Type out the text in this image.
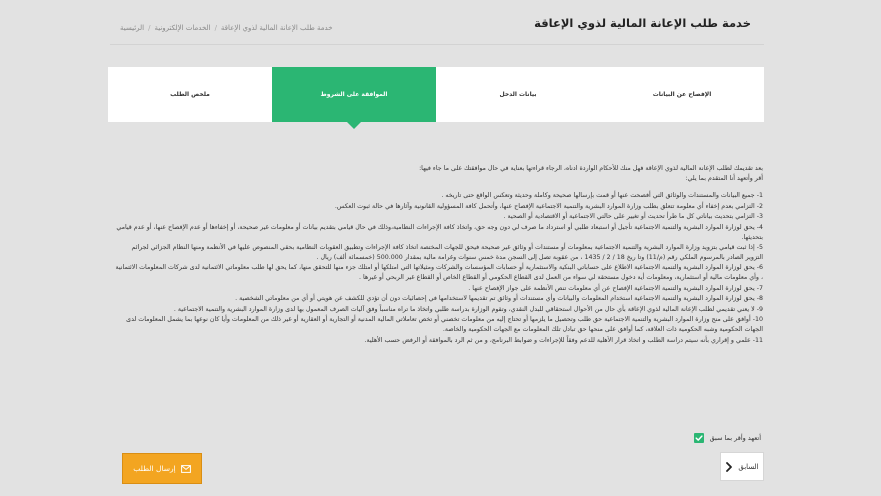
خدمة طلب الإعانة المالية لذوي الإعاقة
خدمة طلب الإعانة المالية لذوي الإعاقة/الخدمات الإلكترونية/الرئيسية
الإفصاح عن البيانات
بيانات الدخل
الموافقة على الشروط
ملخص الطلب

بعد تقديمك لطلب الإعانة المالية لذوي الإعاقة فهل منك للأحكام الواردة ادناه، الرجاء قراءتها بعناية في حال موافقتك على ما جاء فيها:

أقر وأتعهد أنا المتقدم بما يلي:

1- جميع البيانات والمستندات والوثائق التي أفصحت عنها أو قمت بإرسالها صحيحة وكاملة وحديثة وتعكس الواقع حتى تاريخه .

2- التزامي بعدم إخفاء أي معلومة تتعلق بطلب وزارة الموارد البشرية والتنمية الاجتماعية الإفصاح عنها، وأتحمل كافة المسؤولية القانونية وآثارها في حالة ثبوت العكس.

3- التزامي بتحديث بياناتي كل ما طرأ تحديث أو تغيير على حالتي الاجتماعية أو الاقتصادية أو الصحية .

4- يحق لوزارة الموارد البشرية والتنمية الاجتماعية تأجيل أو استبعاد طلبي أو استرداد ما صرف لي دون وجه حق، واتخاذ كافة الإجراءات النظامية،وذلك في حال قيامي بتقديم بيانات أو معلومات غير صحيحة، أو إخفاءها أو عدم الإفصاح عنها، أو عدم قيامي بتحديثها.

5- إذا ثبت قيامي بتزويد وزارة الموارد البشرية والتنمية الاجتماعية بمعلومات أو مستندات أو وثائق غير صحيحة فيحق للجهات المختصة اتخاذ كافة الإجراءات وتطبيق العقوبات النظامية بحقي المنصوص عليها في الأنظمة ومنها النظام الجزائي لجرائم التزوير الصادر بالمرسوم الملكي رقم (م/11) وتا ريخ 18 / 2 / 1435 ، من عقوبة تصل إلى السجن مدة خمس سنوات وغرامة مالية بمقدار 500.000 (خمسمائة ألف) ريال .

6- يحق لوزارة الموارد البشرية والتنمية الاجتماعية الاطلاع على حساباتي البنكية والاستثمارية أو حسابات المؤسسات والشركات ومثيلاتها التي امتلكها أو امتلك جزء منها للتحقق منها، كما يحق لها طلب معلوماتي الائتمانية لدى شركات المعلومات الائتمانية ، وأي معلومات مالية أو استثمارية، ومعلومات أية دخول مستحقة لي سواء من العمل لدى القطاع الحكومي أو القطاع الخاص أو القطاع غير الربحي أو غيرها .

7- يحق لوزارة الموارد البشرية والتنمية الاجتماعية الإفصاح عن أي معلومات تنص الأنظمة على جواز الإفصاح عنها .

8- يحق لوزارة الموارد البشرية والتنمية الاجتماعية استخدام المعلومات والبيانات وأي مستندات أو وثائق تم تقديمها لاستخدامها في إحصائيات دون أن تؤدي للكشف عن هويتي أو أي من معلوماتي الشخصية .

9- لا يعني تقديمي لطلب الإعانة المالية لذوي الإعاقة بأي حال من الأحوال استحقاقي للبدل النقدي، وتقوم الوزارة بدراسة طلبي واتخاذ ما تراه مناسباً وفق آليات الصرف المعمول بها لدى وزارة الموارد البشرية والتنمية الاجتماعية .

10- أوافق على منح وزارة الموارد البشرية والتنمية الاجتماعية حق طلب وتحصيل ما يلزمها أو تحتاج إليه من معلومات تخصني أو تخص تعاملاتي المالية المدنية أو التجارية أو العقارية أو غير ذلك من المعلومات وأيا كان نوعها بما يشمل المعلومات لدى الجهات الحكومية وشبه الحكومية ذات العلاقة، كما أوافق على منحها حق تبادل تلك المعلومات مع الجهات الحكومية والخاصة.

11- علمي و إقراري بأنه سيتم دراسة الطلب و اتخاذ قرار الأهلية للدعم وفقاً للإجراءات و ضوابط البرنامج، و من ثم الرد بالموافقة أو الرفض حسب الأهلية.

أتعهد وأقر بما سبق
السابق
إرسال الطلب
